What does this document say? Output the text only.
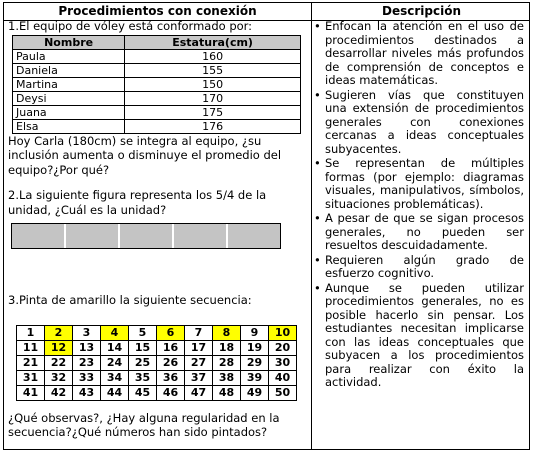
Procedimientos con conexión	Descripción

1.El equipo de vóley está conformado por:

Nombre	Estatura(cm)
Paula	160
Daniela	155
Martina	150
Deysi	170
Juana	175
Elsa	176

Hoy Carla (180cm) se integra al equipo, ¿su inclusión aumenta o disminuye el promedio del equipo?¿Por qué?

2.La siguiente figura representa los 5/4 de la unidad, ¿Cuál es la unidad?

3.Pinta de amarillo la siguiente secuencia:

1	2	3	4	5	6	7	8	9	10
11	12	13	14	15	16	17	18	19	20
21	22	23	24	25	26	27	28	29	30
31	32	33	34	35	36	37	38	39	40
41	42	43	44	45	46	47	48	49	50

¿Qué observas?, ¿Hay alguna regularidad en la secuencia?¿Qué números han sido pintados?

• Enfocan la atención en el uso de procedimientos destinados a desarrollar niveles más profundos de comprensión de conceptos e ideas matemáticas.
• Sugieren vías que constituyen una extensión de procedimientos generales con conexiones cercanas a ideas conceptuales subyacentes.
• Se representan de múltiples formas (por ejemplo: diagramas visuales, manipulativos, símbolos, situaciones problemáticas).
• A pesar de que se sigan procesos generales, no pueden ser resueltos descuidadamente.
• Requieren algún grado de esfuerzo cognitivo.
• Aunque se pueden utilizar procedimientos generales, no es posible hacerlo sin pensar. Los estudiantes necesitan implicarse con las ideas conceptuales que subyacen a los procedimientos para realizar con éxito la actividad.
